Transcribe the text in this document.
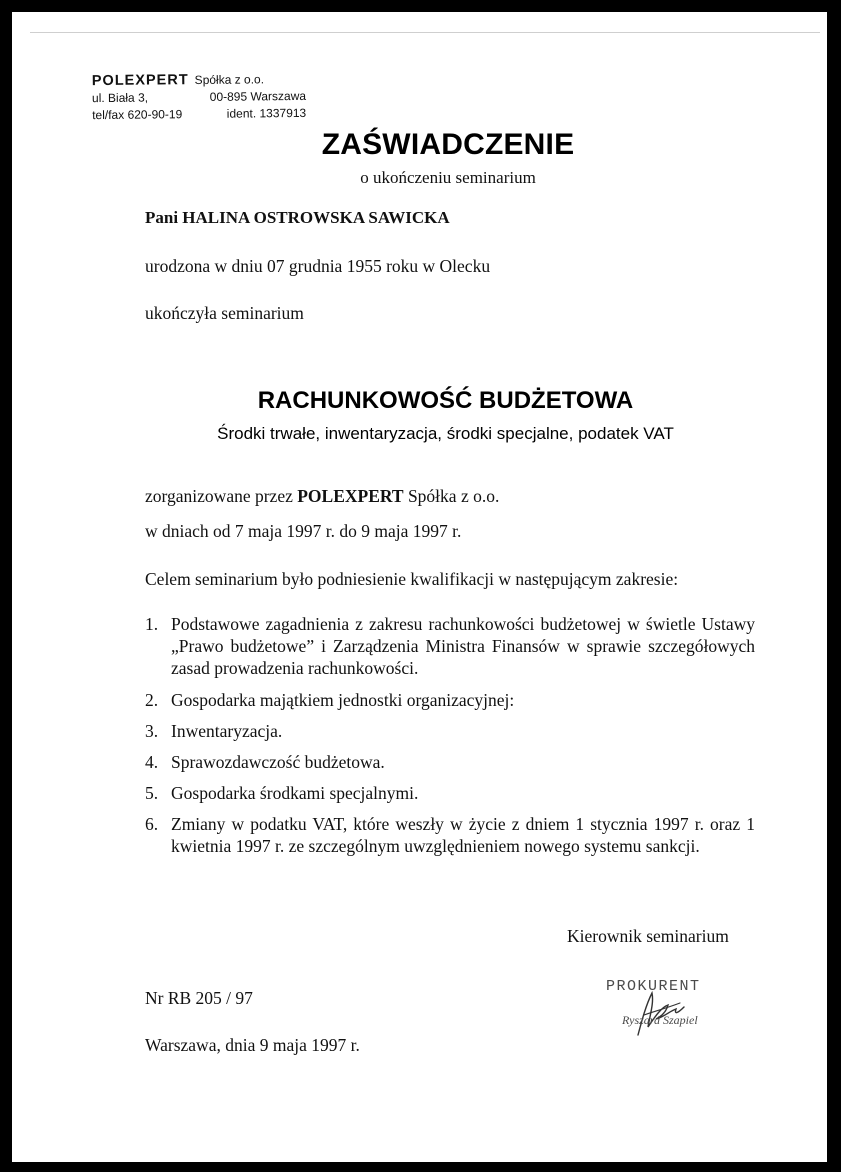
POLEXPERT Spółka z o.o.
ul. Biała 3,	00-895 Warszawa
tel/fax 620-90-19	ident. 1337913
ZAŚWIADCZENIE
o ukończeniu seminarium
Pani HALINA OSTROWSKA SAWICKA
urodzona w dniu 07 grudnia 1955 roku w Olecku
ukończyła seminarium
RACHUNKOWOŚĆ BUDŻETOWA
Środki trwałe, inwentaryzacja, środki specjalne, podatek VAT
zorganizowane przez POLEXPERT Spółka z o.o.
w dniach od 7 maja 1997 r. do 9 maja 1997 r.
Celem seminarium było podniesienie kwalifikacji w następującym zakresie:
1. Podstawowe zagadnienia z zakresu rachunkowości budżetowej w świetle Ustawy „Prawo budżetowe” i Zarządzenia Ministra Finansów w sprawie szczegółowych zasad prowadzenia rachunkowości.

2. Gospodarka majątkiem jednostki organizacyjnej:

3. Inwentaryzacja.

4. Sprawozdawczość budżetowa.

5. Gospodarka środkami specjalnymi.

6. Zmiany w podatku VAT, które weszły w życie z dniem 1 stycznia 1997 r. oraz 1 kwietnia 1997 r. ze szczególnym uwzględnieniem nowego systemu sankcji.

Kierownik seminarium
PROKURENT
Ryszard Szapiel
Nr RB 205 / 97
Warszawa, dnia 9 maja 1997 r.
